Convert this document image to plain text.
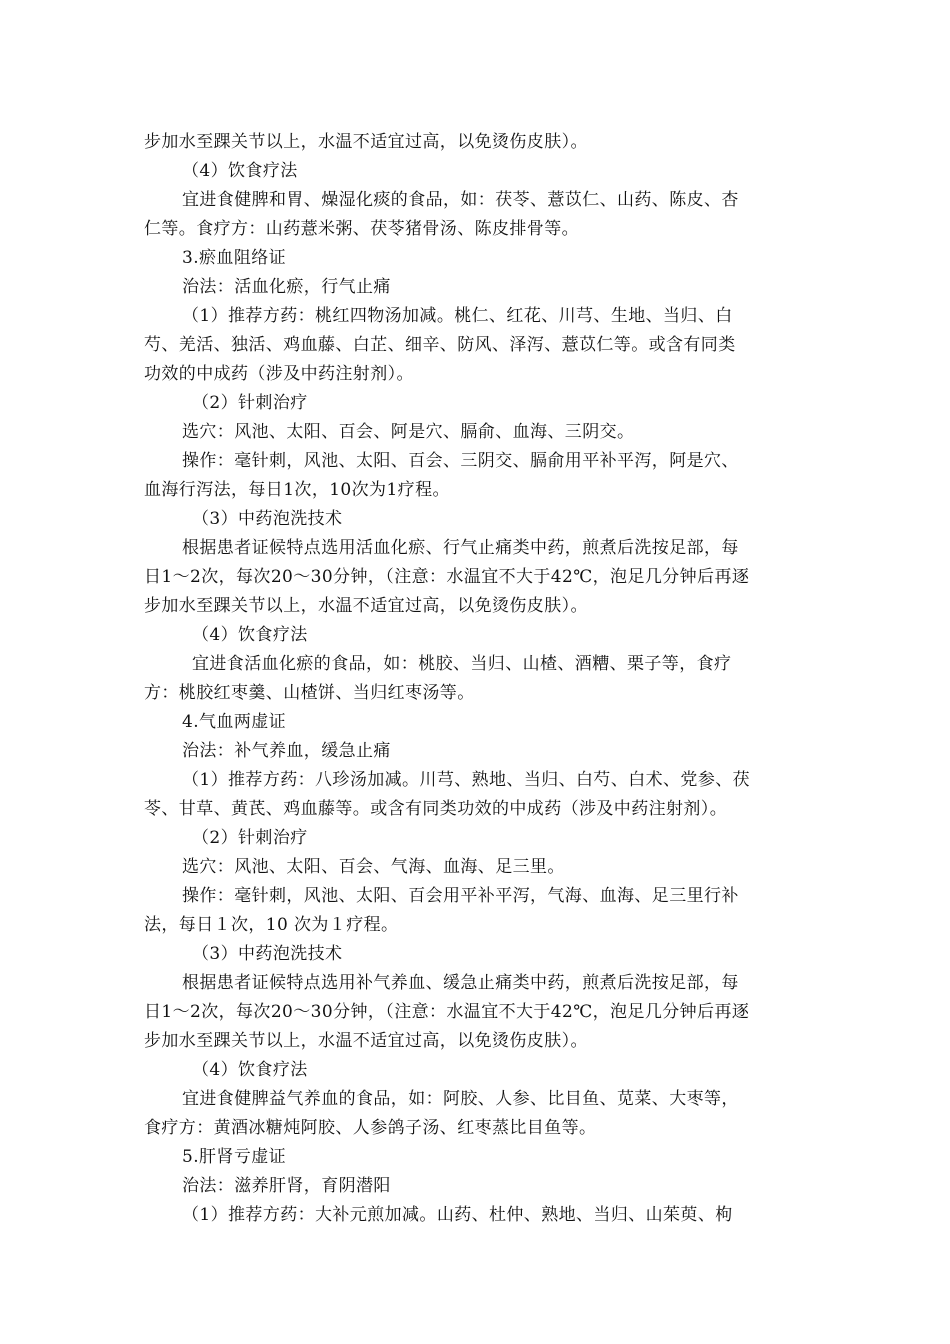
步加水至踝关节以上，水温不适宜过高，以免烫伤皮肤）。
（4）饮食疗法
宜进食健脾和胃、燥湿化痰的食品，如：茯苓、薏苡仁、山药、陈皮、杏
仁等。食疗方：山药薏米粥、茯苓猪骨汤、陈皮排骨等。
3.瘀血阻络证
治法：活血化瘀，行气止痛
（1）推荐方药：桃红四物汤加减。桃仁、红花、川芎、生地、当归、白
芍、羌活、独活、鸡血藤、白芷、细辛、防风、泽泻、薏苡仁等。或含有同类
功效的中成药（涉及中药注射剂）。
（2）针刺治疗
选穴：风池、太阳、百会、阿是穴、膈俞、血海、三阴交。
操作：毫针刺，风池、太阳、百会、三阴交、膈俞用平补平泻，阿是穴、
血海行泻法，每日1次，10次为1疗程。
（3）中药泡洗技术
根据患者证候特点选用活血化瘀、行气止痛类中药，煎煮后洗按足部，每
日1～2次，每次20～30分钟，（注意：水温宜不大于42℃，泡足几分钟后再逐
步加水至踝关节以上，水温不适宜过高，以免烫伤皮肤）。
（4）饮食疗法
宜进食活血化瘀的食品，如：桃胶、当归、山楂、酒糟、栗子等，食疗
方：桃胶红枣羹、山楂饼、当归红枣汤等。
4.气血两虚证
治法：补气养血，缓急止痛
（1）推荐方药：八珍汤加减。川芎、熟地、当归、白芍、白术、党参、茯
苓、甘草、黄芪、鸡血藤等。或含有同类功效的中成药（涉及中药注射剂）。
（2）针刺治疗
选穴：风池、太阳、百会、气海、血海、足三里。
操作：毫针刺，风池、太阳、百会用平补平泻，气海、血海、足三里行补
法，每日１次，10 次为１疗程。
（3）中药泡洗技术
根据患者证候特点选用补气养血、缓急止痛类中药，煎煮后洗按足部，每
日1～2次，每次20～30分钟，（注意：水温宜不大于42℃，泡足几分钟后再逐
步加水至踝关节以上，水温不适宜过高，以免烫伤皮肤）。
（4）饮食疗法
宜进食健脾益气养血的食品，如：阿胶、人参、比目鱼、苋菜、大枣等，
食疗方：黄酒冰糖炖阿胶、人参鸽子汤、红枣蒸比目鱼等。
5.肝肾亏虚证
治法：滋养肝肾，育阴潜阳
（1）推荐方药：大补元煎加减。山药、杜仲、熟地、当归、山茱萸、枸
